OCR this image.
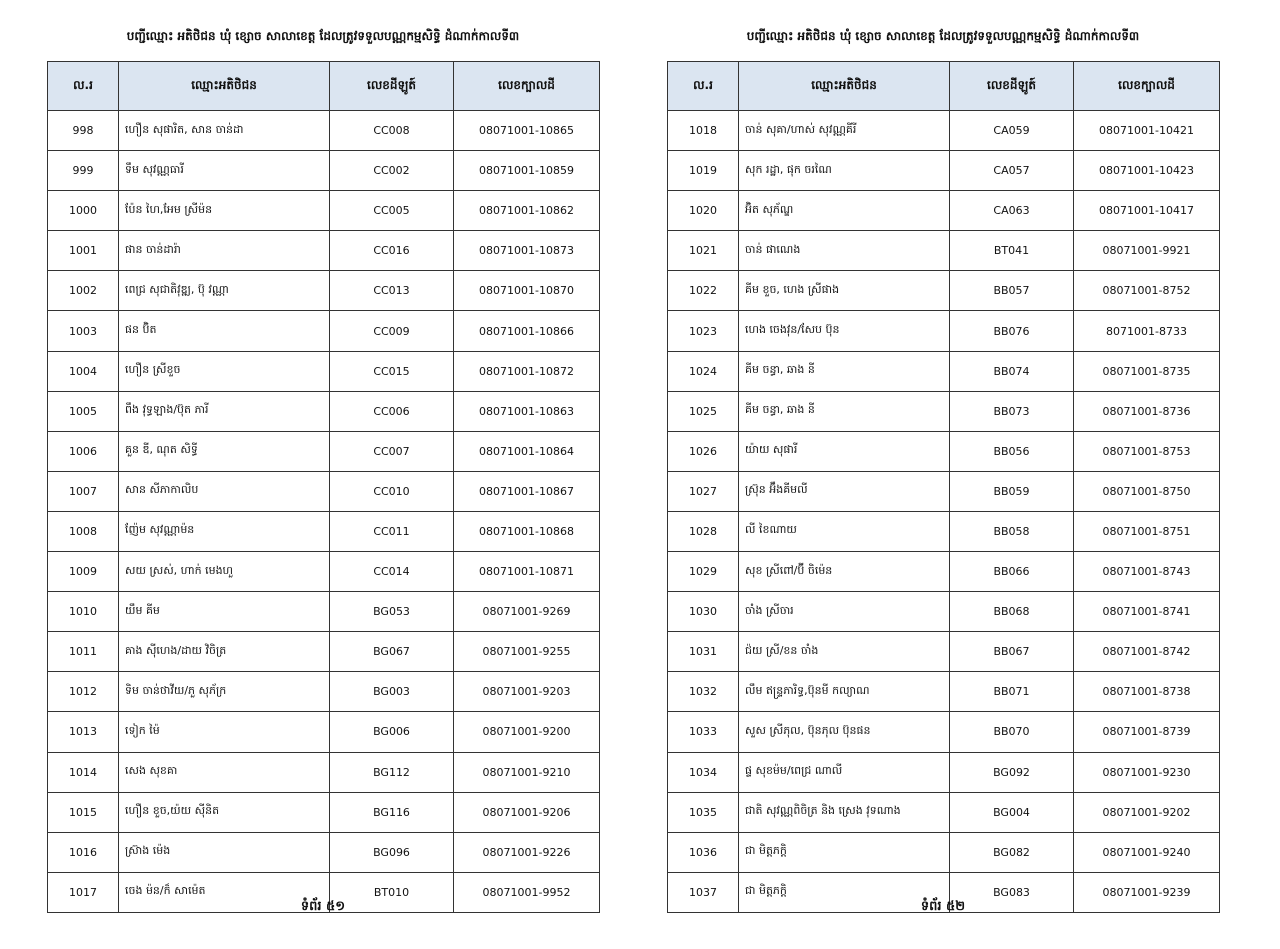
បញ្ជីឈ្មោះ អតិថិជន ឃុំ ខ្សោច សាលាខេត្ត ដែលត្រូវទទួលបណ្ណកម្មសិទ្ធិ ដំណាក់កាលទី៣
ល.រ	ឈ្មោះអតិថិជន	លេខដីឡូត៍	លេខក្បាលដី
998	ហឿន សុផារិត, សាន ចាន់ដា	CC008	08071001-10865
999	ទឹម សុវណ្ណធារី	CC002	08071001-10859
1000	ប៉ែន ហៃ,អែម ស្រីម៉ន	CC005	08071001-10862
1001	ផាន ចាន់ដារ៉ា	CC016	08071001-10873
1002	ពេជ្រ សុជាតិវុឌ្ឍ, ប៊ុ វណ្ណា	CC013	08071001-10870
1003	ផន ប៊ិត	CC009	08071001-10866
1004	ហឿន ស្រីខួច	CC015	08071001-10872
1005	ពឹង វុទ្ធឡាង/ប៊ុត ភារី	CC006	08071001-10863
1006	គួន ឌី, ណុត សិទ្ធី	CC007	08071001-10864
1007	សាន សីភាកាលិប	CC010	08071001-10867
1008	ញ៉ែម សុវណ្ណាម៉ន	CC011	08071001-10868
1009	សយ ស្រស់, ហាក់ មេងហួ	CC014	08071001-10871
1010	យឹម គីម	BG053	08071001-9269
1011	គាង ស៊ីហេង/ដាយ វិចិត្រ	BG067	08071001-9255
1012	ទិម ចាន់ថាវីយ/ភួ សុភ័ក្រ	BG003	08071001-9203
1013	ទៀក ម៉ៃ	BG006	08071001-9200
1014	សេង សុខគា	BG112	08071001-9210
1015	ហឿន ខួច,យ៉យ ស៊ីនិត	BG116	08071001-9206
1016	ស្រ៊ាង ម៉េង	BG096	08071001-9226
1017	ចេង ម៉ន/ក៏ សាម៉េត	BT010	08071001-9952
ទំព័រ ៥១
បញ្ជីឈ្មោះ អតិថិជន ឃុំ ខ្សោច សាលាខេត្ត ដែលត្រូវទទួលបណ្ណកម្មសិទ្ធិ ដំណាក់កាលទី៣
ល.រ	ឈ្មោះអតិថិជន	លេខដីឡូត៍	លេខក្បាលដី
1018	ចាន់ សុគា/ហាស់ សុវណ្ណគីរី	CA059	08071001-10421
1019	សុក រដ្ឋា, ផុក ចរណៃ	CA057	08071001-10423
1020	អ៊ិត សុភ័ណ្ឌ	CA063	08071001-10417
1021	ចាន់ ផាណេង	BT041	08071001-9921
1022	គីម ខួច, ហេង ស្រីផាង	BB057	08071001-8752
1023	ហេង ចេងវុន/សែប ប៊ុន	BB076	8071001-8733
1024	គីម ចន្ធា, ឆាង នី	BB074	08071001-8735
1025	គីម ចន្ធា, ឆាង នី	BB073	08071001-8736
1026	យ៉ាយ សុផារី	BB056	08071001-8753
1027	ស្រ៊ុន អ៊ឹងគីមលី	BB059	08071001-8750
1028	លី ខៃណាយ	BB058	08071001-8751
1029	សុខ ស្រីពៅ/ប៊ី ចិម៉េន	BB066	08071001-8743
1030	ចាំង ស្រីចារ	BB068	08071001-8741
1031	ជ៉យ ស្រី/ខន ចាំង	BB067	08071001-8742
1032	លឹម ឥន្ទ្រភារិទ្ធ,ប៊ុនមី កល្យាណ	BB071	08071001-8738
1033	សួស ស្រីភុល, ប៊ុនភុល ប៊ុនផន	BB070	08071001-8739
1034	ផ្ទ សុខម៉ម/ពេជ្រ ណាលី	BG092	08071001-9230
1035	ជាតិ សុវណ្ណពិចិត្រ និង ស្រេង វុទណាង	BG004	08071001-9202
1036	ជា មិត្តភក្តិ	BG082	08071001-9240
1037	ជា មិត្តភក្តិ	BG083	08071001-9239
ទំព័រ ៥២
